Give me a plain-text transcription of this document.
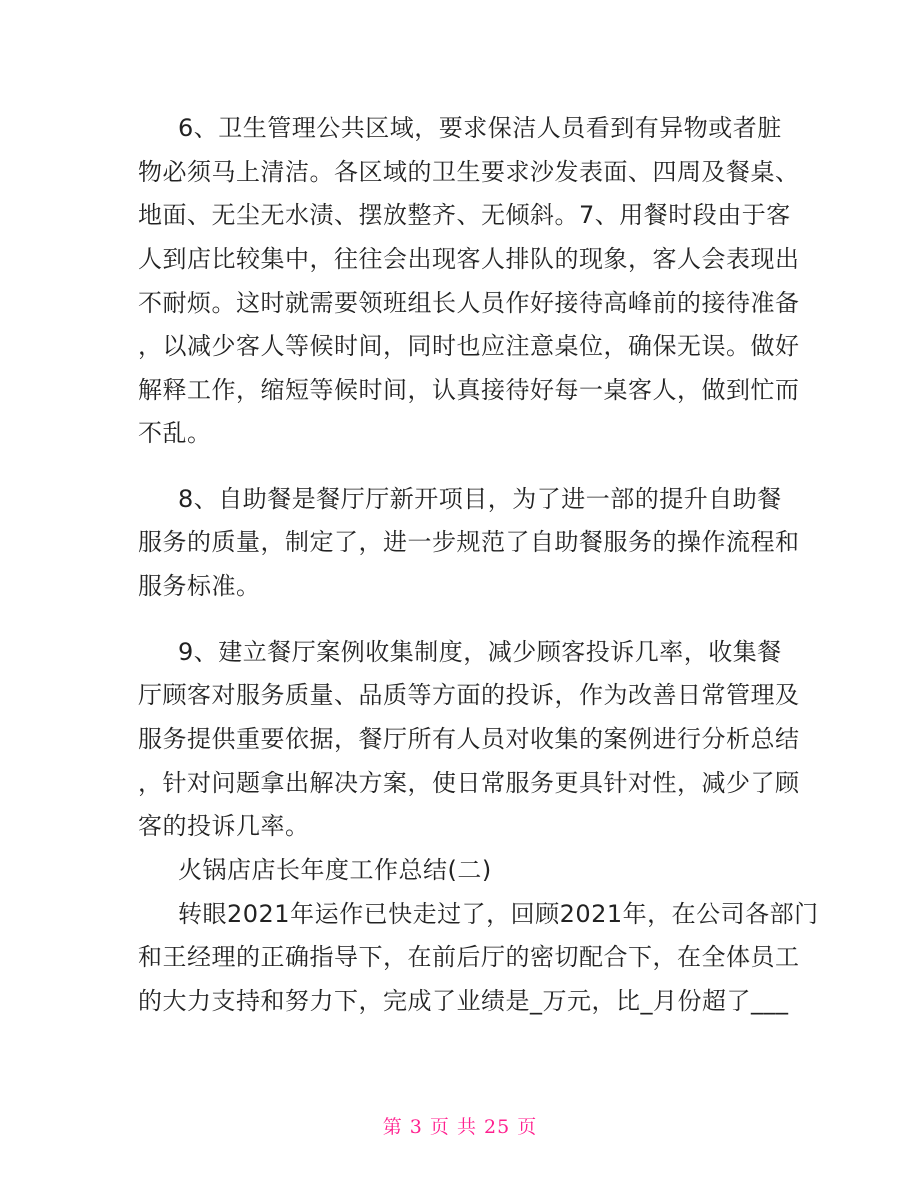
6、卫生管理公共区域，要求保洁人员看到有异物或者脏
物必须马上清洁。各区域的卫生要求沙发表面、四周及餐桌、
地面、无尘无水渍、摆放整齐、无倾斜。7、用餐时段由于客
人到店比较集中，往往会出现客人排队的现象，客人会表现出
不耐烦。这时就需要领班组长人员作好接待高峰前的接待准备
，以减少客人等候时间，同时也应注意桌位，确保无误。做好
解释工作，缩短等候时间，认真接待好每一桌客人，做到忙而
不乱。
8、自助餐是餐厅厅新开项目，为了进一部的提升自助餐
服务的质量，制定了，进一步规范了自助餐服务的操作流程和
服务标准。
9、建立餐厅案例收集制度，减少顾客投诉几率，收集餐
厅顾客对服务质量、品质等方面的投诉，作为改善日常管理及
服务提供重要依据，餐厅所有人员对收集的案例进行分析总结
，针对问题拿出解决方案，使日常服务更具针对性，减少了顾
客的投诉几率。
火锅店店长年度工作总结(二)
转眼2021年运作已快走过了，回顾2021年，在公司各部门
和王经理的正确指导下，在前后厅的密切配合下，在全体员工
的大力支持和努力下，完成了业绩是_万元，比_月份超了___
第 3 页 共 25 页
